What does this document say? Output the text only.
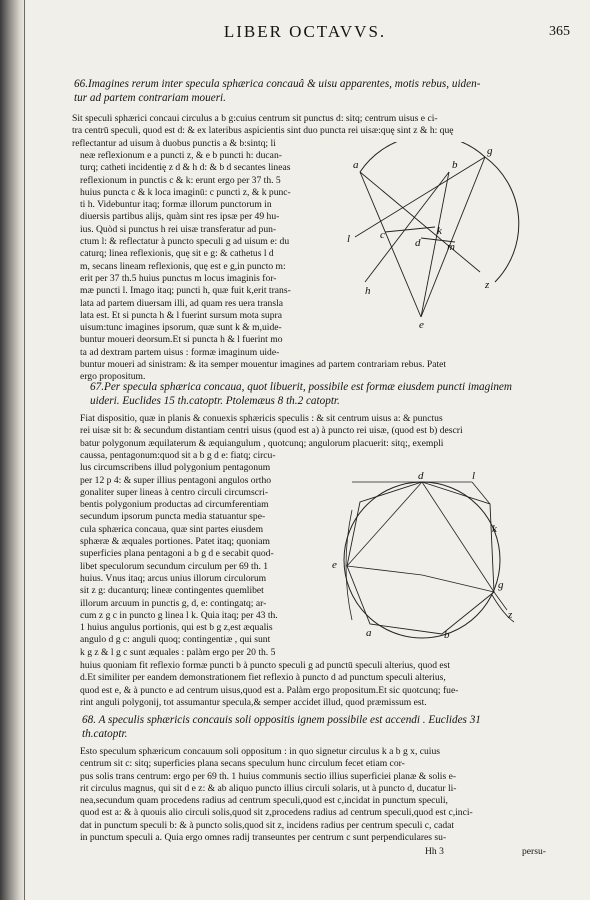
LIBER OCTAVVS.	365
66.Imagines rerum inter specula sphærica concauâ & uisu apparentes, motis rebus, uiden-
tur ad partem contrariam moueri.
Sit speculi sphærici concaui circulus a b g:cuius centrum sit punctus d: sitq; centrum uisus e ci-
tra centrū speculi, quod est d: & ex lateribus aspicientis sint duo puncta rei uisæ:quę sint z & h: quę
reflectantur ad uisum à duobus punctis a & b:sintq; li
neæ reflexionum e a puncti z, & e b puncti h: ducan-
turq; catheti incidentię z d & h d: & b d secantes lineas
reflexionum in punctis c & k: erunt ergo per 37 th. 5
huius puncta c & k loca imaginū: c puncti z, & k punc-
ti h. Videbuntur itaq; formæ illorum punctorum in
diuersis partibus alijs, quàm sint res ipsæ per 49 hu-
ius. Quòd si punctus h rei uisæ transferatur ad pun-
ctum l: & reflectatur à puncto speculi g ad uisum e: du
caturq; linea reflexionis, quę sit e g: & cathetus l d
m, secans lineam reflexionis, quę est e g,in puncto m:
erit per 37 th.5 huius punctus m locus imaginis for-
mæ puncti l. Imago itaq; puncti h, quæ fuit k,erit trans-
lata ad partem diuersam illi, ad quam res uera transla
lata est. Et si puncta h & l fuerint sursum mota supra
uisum:tunc imagines ipsorum, quæ sunt k & m,uide-
buntur moueri deorsum.Et si puncta h & l fuerint mo
ta ad dextram partem uisus : formæ imaginum uide-
buntur moueri ad sinistram: & ita semper mouentur imagines ad partem contrariam rebus. Patet
ergo propositum.
a	b
g
c
d
k
m
z
h
l
e
67.Per specula sphærica concaua, quot libuerit, possibile est formæ eiusdem puncti imaginem
uideri. Euclides 15 th.catoptr. Ptolemæus 8 th.2 catoptr.
Fiat dispositio, quæ in planis & conuexis sphæricis speculis : & sit centrum uisus a: & punctus
rei uisæ sit b: & secundum distantiam centri uisus (quod est a) à puncto rei uisæ, (quod est b) descri
batur polygonum æquilaterum & æquiangulum , quotcunq; angulorum placuerit: sitq;, exempli
caussa, pentagonum:quod sit a b g d e: fiatq; circu-
lus circumscribens illud polygonium pentagonum
per 12 p 4: & super illius pentagoni angulos ortho
gonaliter super lineas à centro circuli circumscri-
bentis polygonium productas ad circumferentiam
secundum ipsorum puncta media statuantur spe-
cula sphærica concaua, quæ sint partes eiusdem
sphæræ & æquales portiones. Patet itaq; quoniam
superficies plana pentagoni a b g d e secabit quod-
libet speculorum secundum circulum per 69 th. 1
huius. Vnus itaq; arcus unius illorum circulorum
sit z g: ducanturq; lineæ contingentes quemlibet
illorum arcuum in punctis g, d, e: contingatq; ar-
cum z g c in puncto g linea l k. Quia itaq; per 43 th.
1 huius angulus portionis, qui est b g z,est æqualis
angulo d g c: anguli quoq; contingentiæ , qui sunt
k g z & l g c sunt æquales : palàm ergo per 20 th. 5
huius quoniam fit reflexio formæ puncti b à puncto speculi g ad punctū speculi alterius, quod est
d.Et similiter per eandem demonstrationem fiet reflexio à puncto d ad punctum speculi alterius,
quod est e, & à puncto e ad centrum uisus,quod est a. Palàm ergo propositum.Et sic quotcunq; fue-
rint anguli polygonij, tot assumantur specula,& semper accidet illud, quod præmissum est.
d	l
k
e
g
z
a	b
68. A speculis sphæricis concauis soli oppositis ignem possibile est accendi . Euclides 31
th.catoptr.
Esto speculum sphæricum concauum soli oppositum : in quo signetur circulus k a b g x, cuius
centrum sit c: sitq; superficies plana secans speculum hunc circulum fecet etiam cor-
pus solis trans centrum: ergo per 69 th. 1 huius communis sectio illius superficiei planæ & solis e-
rit circulus magnus, qui sit d e z: & ab aliquo puncto illius circuli solaris, ut à puncto d, ducatur li-
nea,secundum quam procedens radius ad centrum speculi,quod est c,incidat in punctum speculi,
quod est a: & à quouis alio circuli solis,quod sit z,procedens radius ad centrum speculi,quod est c,inci-
dat in punctum speculi b: & à puncto solis,quod sit z, incidens radius per centrum speculi c, cadat
in punctum speculi a. Quia ergo omnes radij transeuntes per centrum c sunt perpendiculares su-
Hh 3	persu-
